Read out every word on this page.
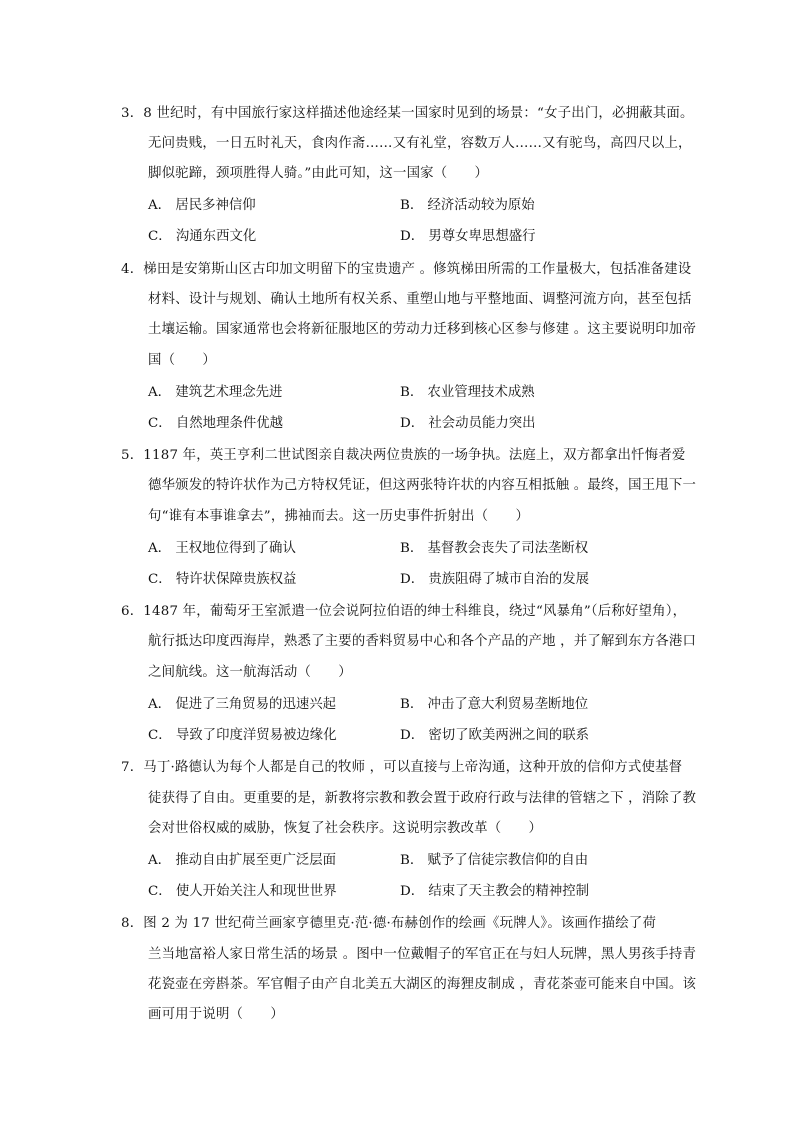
3．8 世纪时，有中国旅行家这样描述他途经某一国家时见到的场景：“女子出门，必拥蔽其面。
无问贵贱，一日五时礼天，食肉作斋……又有礼堂，容数万人……又有驼鸟，高四尺以上，
脚似驼蹄，颈项胜得人骑。”由此可知，这一国家（　　）
A． 居民多神信仰	B． 经济活动较为原始
C． 沟通东西文化	D． 男尊女卑思想盛行
4．梯田是安第斯山区古印加文明留下的宝贵遗产 。修筑梯田所需的工作量极大，包括准备建设
材料、设计与规划、确认土地所有权关系、重塑山地与平整地面、调整河流方向，甚至包括
土壤运输。国家通常也会将新征服地区的劳动力迁移到核心区参与修建 。这主要说明印加帝
国（　　）
A． 建筑艺术理念先进	B． 农业管理技术成熟
C． 自然地理条件优越	D． 社会动员能力突出
5．1187 年，英王亨利二世试图亲自裁决两位贵族的一场争执。法庭上，双方都拿出忏悔者爱
德华颁发的特许状作为己方特权凭证，但这两张特许状的内容互相抵触 。最终，国王甩下一
句“谁有本事谁拿去”，拂袖而去。这一历史事件折射出（　　）
A． 王权地位得到了确认	B． 基督教会丧失了司法垄断权
C． 特许状保障贵族权益	D． 贵族阻碍了城市自治的发展
6．1487 年，葡萄牙王室派遣一位会说阿拉伯语的绅士科维良，绕过“风暴角”（后称好望角），
航行抵达印度西海岸，熟悉了主要的香料贸易中心和各个产品的产地 ，并了解到东方各港口
之间航线。这一航海活动（　　）
A． 促进了三角贸易的迅速兴起	B． 冲击了意大利贸易垄断地位
C． 导致了印度洋贸易被边缘化	D． 密切了欧美两洲之间的联系
7．马丁·路德认为每个人都是自己的牧师 ，可以直接与上帝沟通，这种开放的信仰方式使基督
徒获得了自由。更重要的是，新教将宗教和教会置于政府行政与法律的管辖之下 ，消除了教
会对世俗权威的威胁，恢复了社会秩序。这说明宗教改革（　　）
A． 推动自由扩展至更广泛层面	B． 赋予了信徒宗教信仰的自由
C． 使人开始关注人和现世世界	D． 结束了天主教会的精神控制
8．图 2 为 17 世纪荷兰画家亨德里克·范·德·布赫创作的绘画《玩牌人》。该画作描绘了荷
兰当地富裕人家日常生活的场景 。图中一位戴帽子的军官正在与妇人玩牌，黑人男孩手持青
花瓷壶在旁斟茶。军官帽子由产自北美五大湖区的海狸皮制成 ，青花茶壶可能来自中国。该
画可用于说明（　　）
